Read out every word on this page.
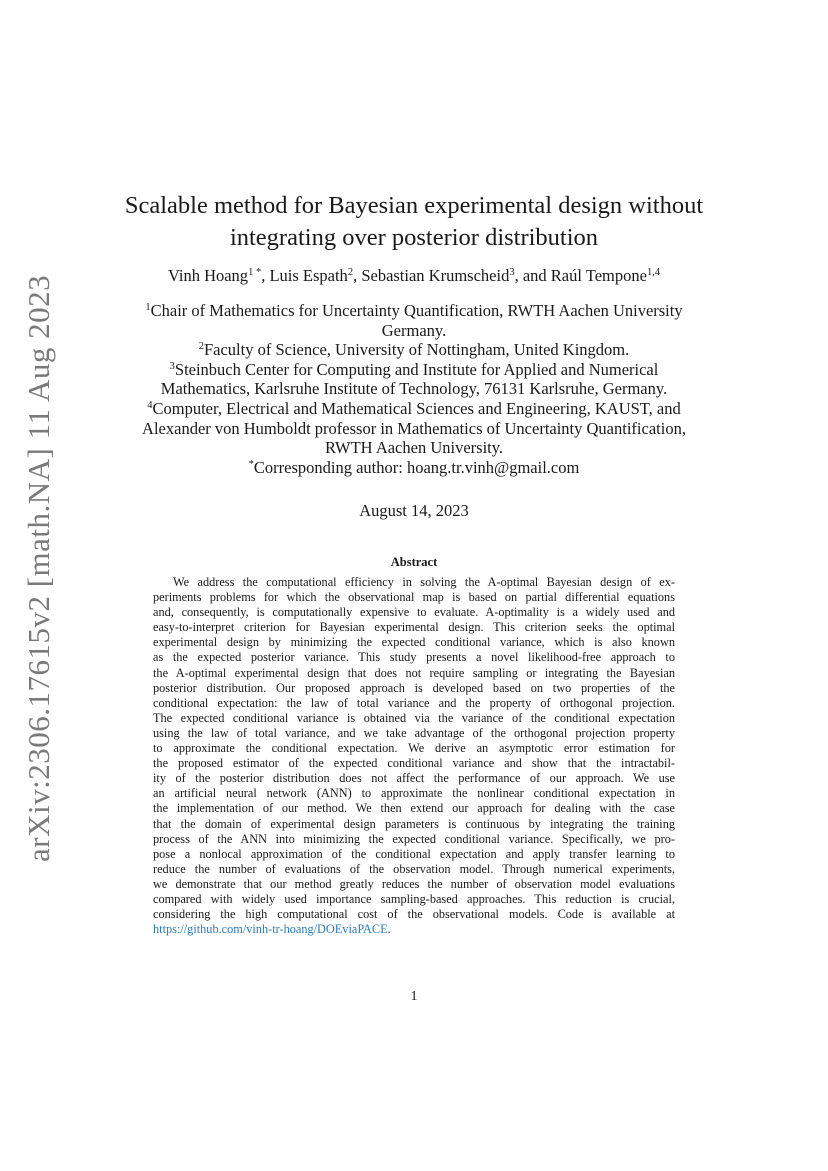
arXiv:2306.17615v2 [math.NA] 11 Aug 2023
Scalable method for Bayesian experimental design without
integrating over posterior distribution
Vinh Hoang$^{1 *}$, Luis Espath$^2$, Sebastian Krumscheid$^3$, and Raúl Tempone$^{1,4}$
$^1$Chair of Mathematics for Uncertainty Quantification, RWTH Aachen University
Germany.
$^2$Faculty of Science, University of Nottingham, United Kingdom.
$^3$Steinbuch Center for Computing and Institute for Applied and Numerical
Mathematics, Karlsruhe Institute of Technology, 76131 Karlsruhe, Germany.
$^4$Computer, Electrical and Mathematical Sciences and Engineering, KAUST, and
Alexander von Humboldt professor in Mathematics of Uncertainty Quantification,
RWTH Aachen University.
*Corresponding author: hoang.tr.vinh@gmail.com
August 14, 2023
Abstract
We address the computational efficiency in solving the A-optimal Bayesian design of ex-
periments problems for which the observational map is based on partial differential equations
and, consequently, is computationally expensive to evaluate. A-optimality is a widely used and
easy-to-interpret criterion for Bayesian experimental design. This criterion seeks the optimal
experimental design by minimizing the expected conditional variance, which is also known
as the expected posterior variance. This study presents a novel likelihood-free approach to
the A-optimal experimental design that does not require sampling or integrating the Bayesian
posterior distribution. Our proposed approach is developed based on two properties of the
conditional expectation: the law of total variance and the property of orthogonal projection.
The expected conditional variance is obtained via the variance of the conditional expectation
using the law of total variance, and we take advantage of the orthogonal projection property
to approximate the conditional expectation. We derive an asymptotic error estimation for
the proposed estimator of the expected conditional variance and show that the intractabil-
ity of the posterior distribution does not affect the performance of our approach. We use
an artificial neural network (ANN) to approximate the nonlinear conditional expectation in
the implementation of our method. We then extend our approach for dealing with the case
that the domain of experimental design parameters is continuous by integrating the training
process of the ANN into minimizing the expected conditional variance. Specifically, we pro-
pose a nonlocal approximation of the conditional expectation and apply transfer learning to
reduce the number of evaluations of the observation model. Through numerical experiments,
we demonstrate that our method greatly reduces the number of observation model evaluations
compared with widely used importance sampling-based approaches. This reduction is crucial,
considering the high computational cost of the observational models. Code is available at
https://github.com/vinh-tr-hoang/DOEviaPACE.
1
